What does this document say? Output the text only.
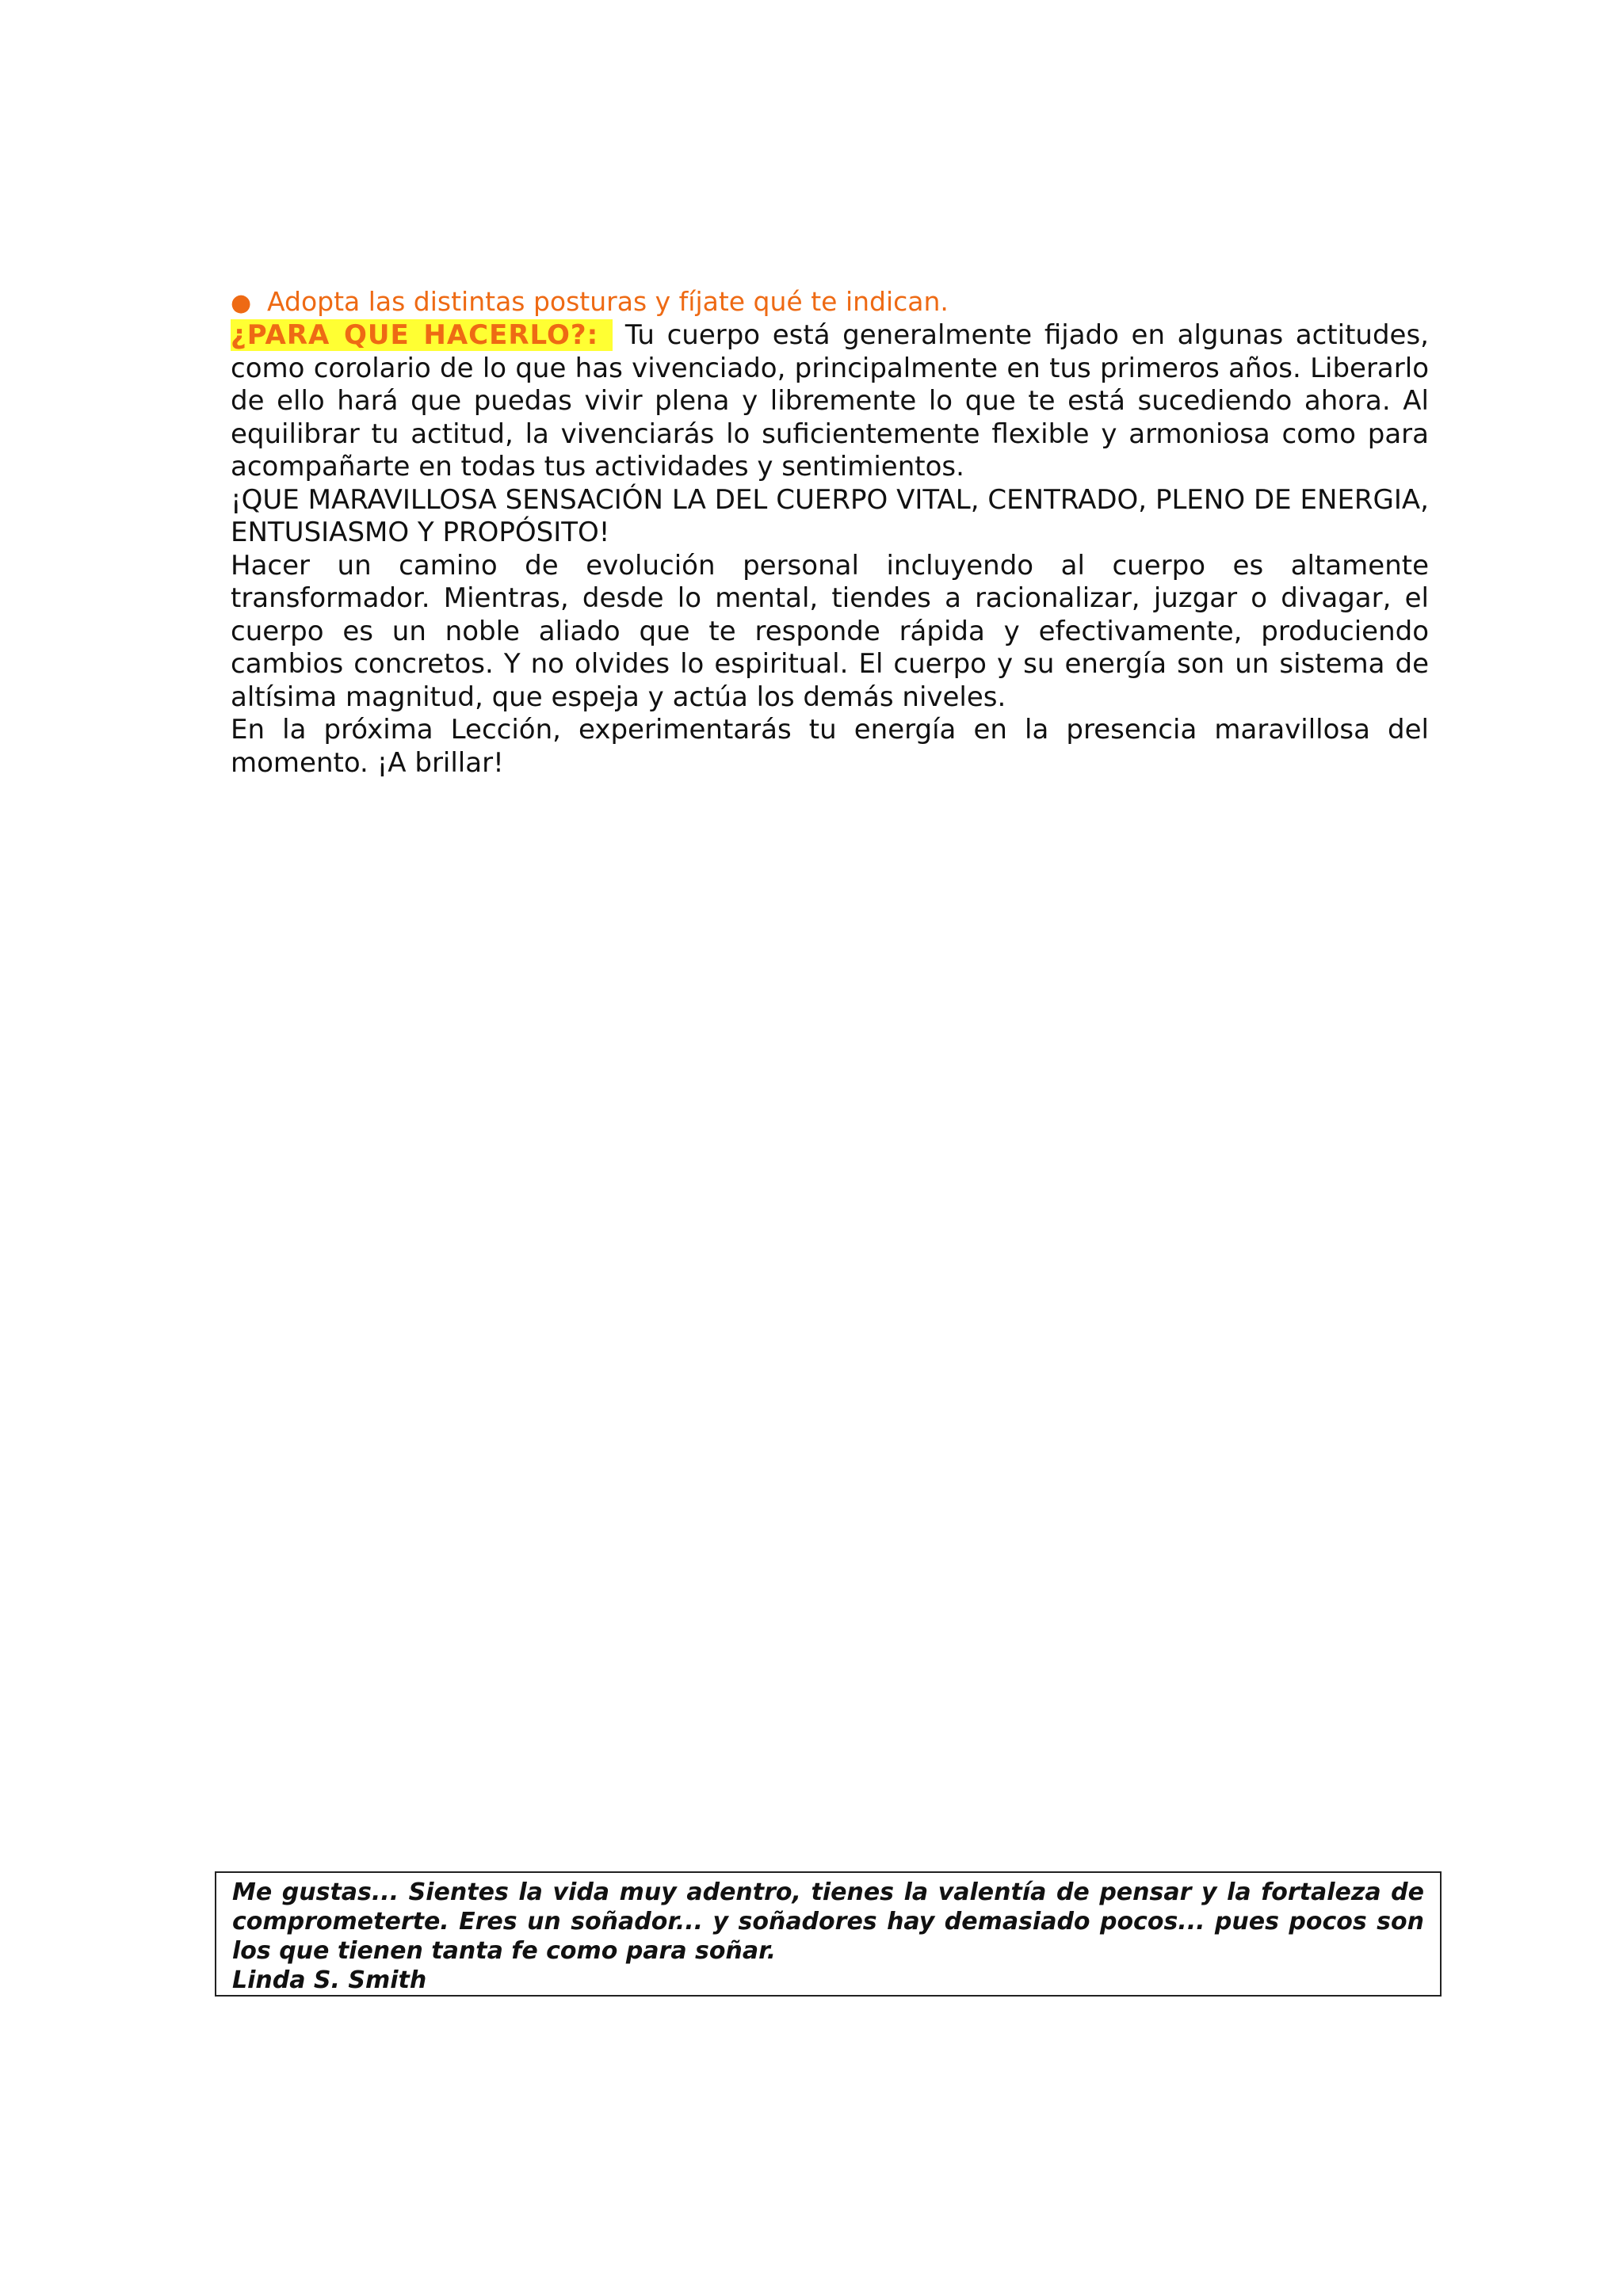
● Adopta las distintas posturas y fíjate qué te indican.

¿PARA QUE HACERLO?: Tu cuerpo está generalmente fijado en algunas actitudes, como corolario de lo que has vivenciado, principalmente en tus primeros años. Liberarlo de ello hará que puedas vivir plena y libremente lo que te está sucediendo ahora. Al equilibrar tu actitud, la vivenciarás lo suficientemente flexible y armoniosa como para acompañarte en todas tus actividades y sentimientos.

¡QUE MARAVILLOSA SENSACIÓN LA DEL CUERPO VITAL, CENTRADO, PLENO DE ENERGIA, ENTUSIASMO Y PROPÓSITO!

Hacer un camino de evolución personal incluyendo al cuerpo es altamente transformador. Mientras, desde lo mental, tiendes a racionalizar, juzgar o divagar, el cuerpo es un noble aliado que te responde rápida y efectivamente, produciendo cambios concretos. Y no olvides lo espiritual. El cuerpo y su energía son un sistema de altísima magnitud, que espeja y actúa los demás niveles.

En la próxima Lección, experimentarás tu energía en la presencia maravillosa del momento. ¡A brillar!

Me gustas... Sientes la vida muy adentro, tienes la valentía de pensar y la fortaleza de comprometerte. Eres un soñador... y soñadores hay demasiado pocos... pues pocos son los que tienen tanta fe como para soñar.

Linda S. Smith
